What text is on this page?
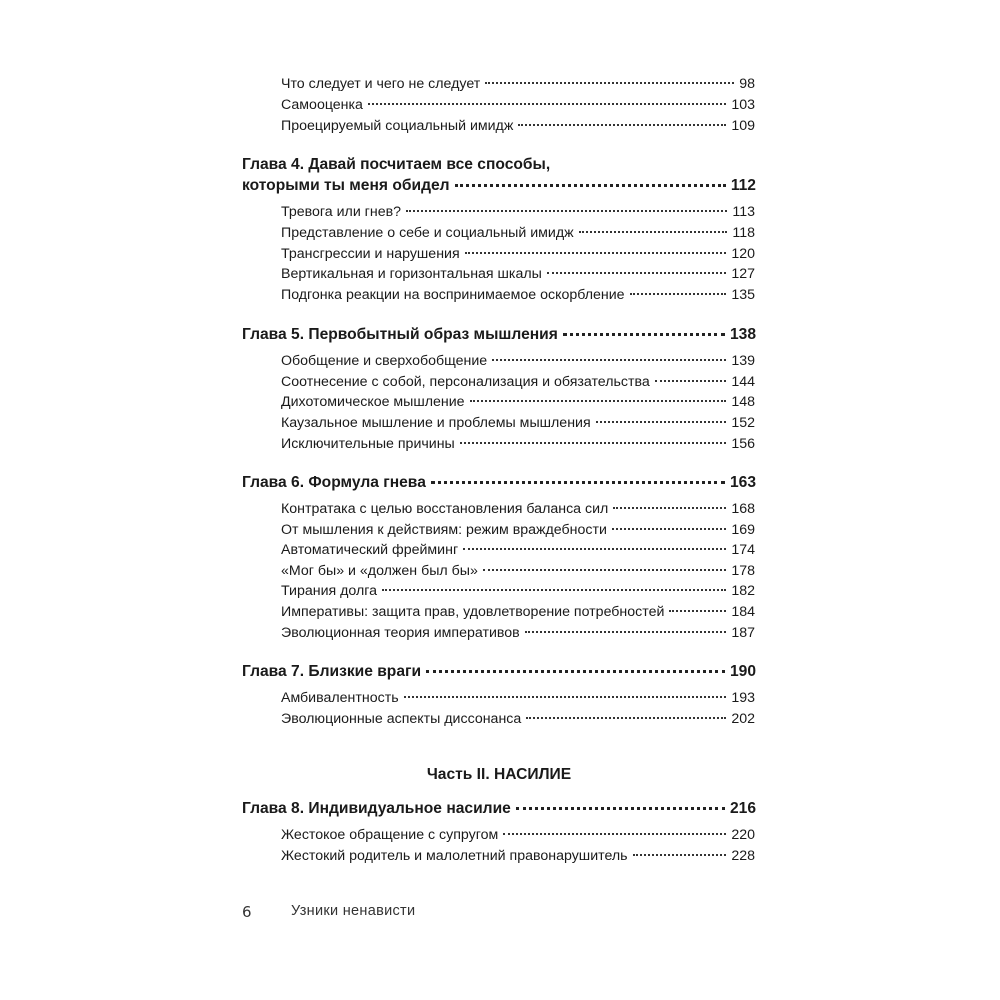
Что следует и чего не следует	98
Самооценка	103
Проецируемый социальный имидж	109
Глава 4. Давай посчитаем все способы,
которыми ты меня обидел	112
Тревога или гнев?	113
Представление о себе и социальный имидж	118
Трансгрессии и нарушения	120
Вертикальная и горизонтальная шкалы	127
Подгонка реакции на воспринимаемое оскорбление	135
Глава 5. Первобытный образ мышления	138
Обобщение и сверхобобщение	139
Соотнесение с собой, персонализация и обязательства	144
Дихотомическое мышление	148
Каузальное мышление и проблемы мышления	152
Исключительные причины	156
Глава 6. Формула гнева	163
Контратака с целью восстановления баланса сил	168
От мышления к действиям: режим враждебности	169
Автоматический фрейминг	174
«Мог бы» и «должен был бы»	178
Тирания долга	182
Императивы: защита прав, удовлетворение потребностей	184
Эволюционная теория императивов	187
Глава 7. Близкие враги	190
Амбивалентность	193
Эволюционные аспекты диссонанса	202
Часть II. НАСИЛИЕ
Глава 8. Индивидуальное насилие	216
Жестокое обращение с супругом	220
Жестокий родитель и малолетний правонарушитель	228
6	Узники ненависти
